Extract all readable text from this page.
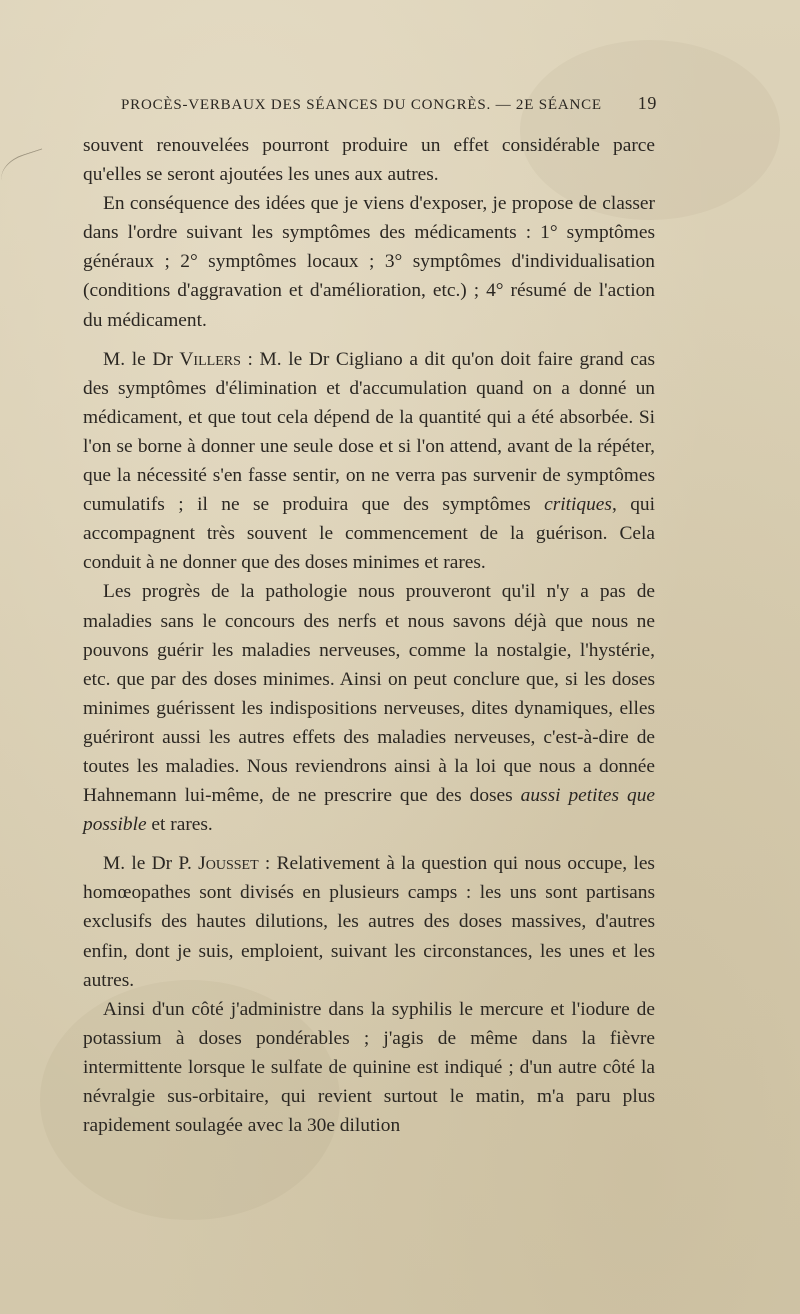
PROCÈS-VERBAUX DES SÉANCES DU CONGRÈS. — 2E SÉANCE 19

souvent renouvelées pourront produire un effet considérable parce qu'elles se seront ajoutées les unes aux autres.

En conséquence des idées que je viens d'exposer, je propose de classer dans l'ordre suivant les symptômes des médicaments : 1° symptômes généraux ; 2° symptômes locaux ; 3° symptômes d'individualisation (conditions d'aggravation et d'amélioration, etc.) ; 4° résumé de l'action du médicament.

M. le Dr Villers : M. le Dr Cigliano a dit qu'on doit faire grand cas des symptômes d'élimination et d'accumulation quand on a donné un médicament, et que tout cela dépend de la quantité qui a été absorbée. Si l'on se borne à donner une seule dose et si l'on attend, avant de la répéter, que la nécessité s'en fasse sentir, on ne verra pas survenir de symptômes cumulatifs ; il ne se produira que des symptômes critiques, qui accompagnent très souvent le commencement de la guérison. Cela conduit à ne donner que des doses minimes et rares.

Les progrès de la pathologie nous prouveront qu'il n'y a pas de maladies sans le concours des nerfs et nous savons déjà que nous ne pouvons guérir les maladies nerveuses, comme la nostalgie, l'hystérie, etc. que par des doses minimes. Ainsi on peut conclure que, si les doses minimes guérissent les indispositions nerveuses, dites dynamiques, elles guériront aussi les autres effets des maladies nerveuses, c'est-à-dire de toutes les maladies. Nous reviendrons ainsi à la loi que nous a donnée Hahnemann lui-même, de ne prescrire que des doses aussi petites que possible et rares.

M. le Dr P. Jousset : Relativement à la question qui nous occupe, les homœopathes sont divisés en plusieurs camps : les uns sont partisans exclusifs des hautes dilutions, les autres des doses massives, d'autres enfin, dont je suis, emploient, suivant les circonstances, les unes et les autres.

Ainsi d'un côté j'administre dans la syphilis le mercure et l'iodure de potassium à doses pondérables ; j'agis de même dans la fièvre intermittente lorsque le sulfate de quinine est indiqué ; d'un autre côté la névralgie sus-orbitaire, qui revient surtout le matin, m'a paru plus rapidement soulagée avec la 30e dilution
